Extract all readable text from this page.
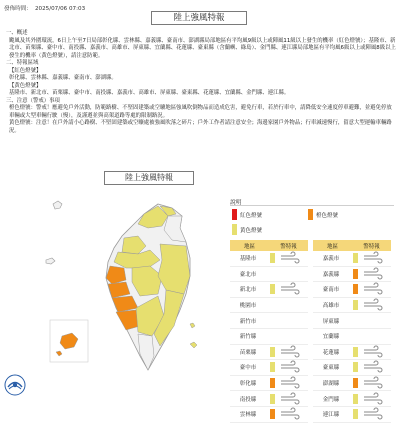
發佈時間： 2025/07/06 07:03
陸上強風特報
一、概述
颱風及其外圍環流，6日上午至7日局部彰化縣、雲林縣、嘉義縣、臺南市、澎湖縣局部地區有平均風9級以上或陣風11級以上發生的機率（紅色燈號）；基隆市、新北市、苗栗縣、臺中市、南投縣、嘉義市、高雄市、屏東縣、宜蘭縣、花蓮縣、臺東縣（含蘭嶼、綠島）、金門縣、連江縣局部地區有平均風6級以上或陣風8級以上發生的機率（黃色燈號），請注意防範。
二、特報區域
【紅色燈號】
彰化縣、雲林縣、嘉義縣、臺南市、澎湖縣。
【黃色燈號】
基隆市、新北市、苗栗縣、臺中市、南投縣、嘉義市、高雄市、屏東縣、臺東縣、花蓮縣、宜蘭縣、金門縣、連江縣。
三、注意（警戒）事項
橙色燈號：警戒！應避免戶外活動，防範路樹、不堅固建築或空曠地區強風吹倒物品而造成危害，避免行車，若於行車中，請降低安全速度停車避難，並避免停放車輛或大型車輛行駛（慢），及謹遵並與高架道路等處的限制路況。
黃色燈號：注意！在戶外請小心路樹、不堅固建築或空曠處被強風吹落之碎片；戶外工作者請注意安全；海邊家園戶外物品；行車減速慢行，留意大型運輸車輛路況。
陸上強風特報
說明
紅色燈號	橙色燈號
黃色燈號
地區	警特報
基隆市
臺北市
新北市
桃園市
新竹市
新竹縣
苗栗縣
臺中市
彰化縣
南投縣
雲林縣
地區	警特報
嘉義市
嘉義縣
臺南市
高雄市
屏東縣
宜蘭縣
花蓮縣
臺東縣
澎湖縣
金門縣
連江縣
